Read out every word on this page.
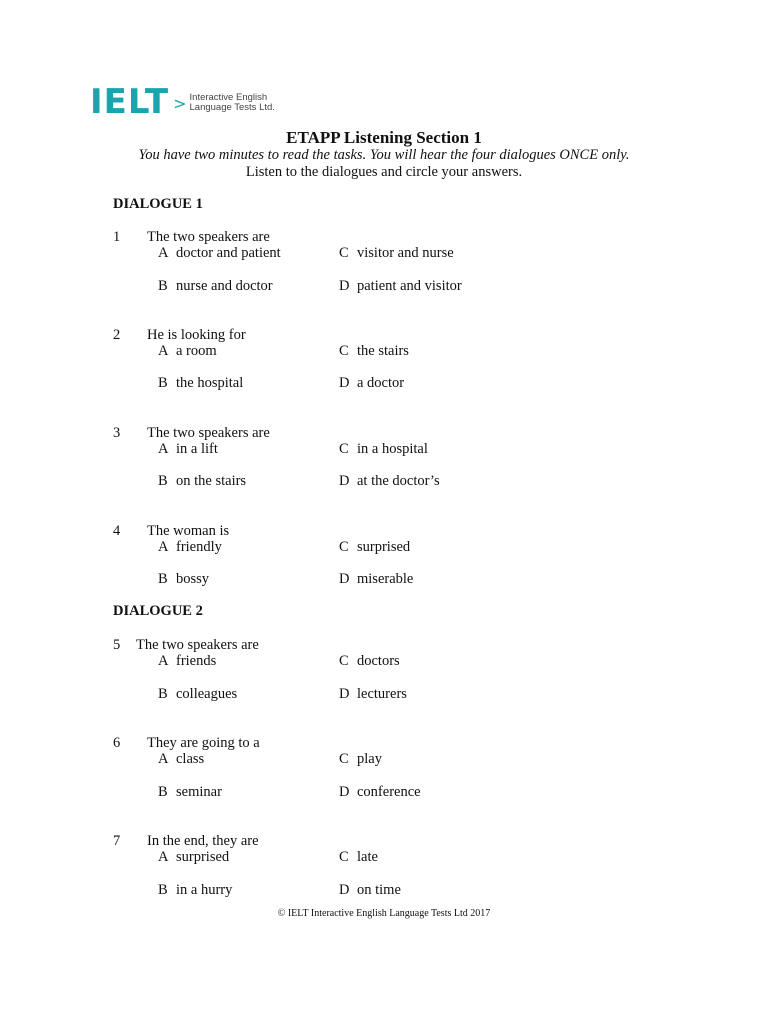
IELT > Interactive English
Language Tests Ltd.
ETAPP Listening Section 1
You have two minutes to read the tasks. You will hear the four dialogues ONCE only.
Listen to the dialogues and circle your answers.
DIALOGUE 1
1 The two speakers are
A doctor and patient	C visitor and nurse
B nurse and doctor	D patient and visitor
2 He is looking for
A a room	C the stairs
B the hospital	D a doctor
3 The two speakers are
A in a lift	C in a hospital
B on the stairs	D at the doctor’s
4 The woman is
A friendly	C surprised
B bossy	D miserable
DIALOGUE 2
5 The two speakers are
A friends	C doctors
B colleagues	D lecturers
6 They are going to a
A class	C play
B seminar	D conference
7 In the end, they are
A surprised	C late
B in a hurry	D on time
© IELT Interactive English Language Tests Ltd 2017
